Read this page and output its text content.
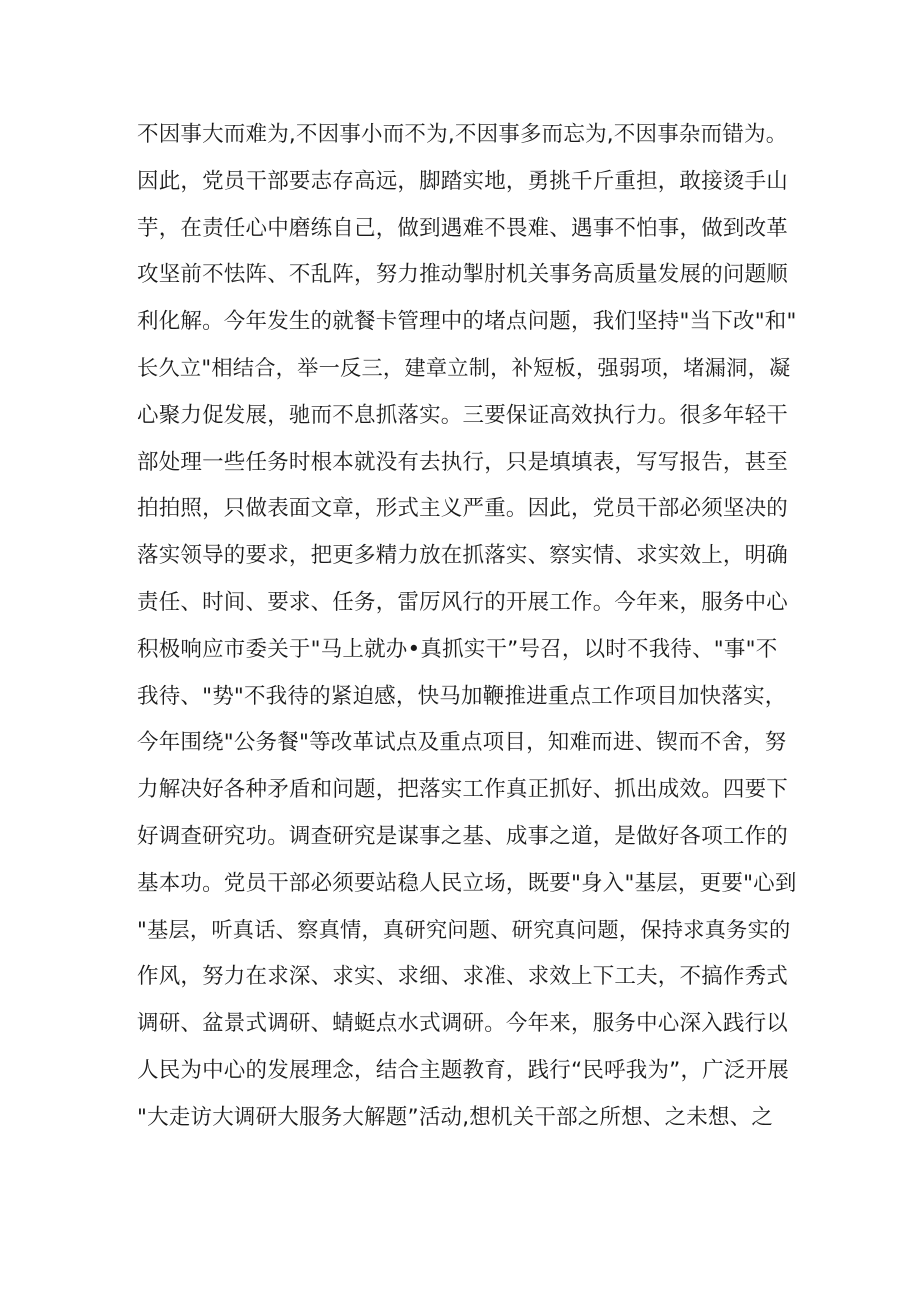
不因事大而难为,不因事小而不为,不因事多而忘为,不因事杂而错为。
因此，党员干部要志存高远，脚踏实地，勇挑千斤重担，敢接烫手山
芋，在责任心中磨练自己，做到遇难不畏难、遇事不怕事，做到改革
攻坚前不怯阵、不乱阵，努力推动掣肘机关事务高质量发展的问题顺
利化解。今年发生的就餐卡管理中的堵点问题，我们坚持"当下改"和"
长久立"相结合，举一反三，建章立制，补短板，强弱项，堵漏洞，凝
心聚力促发展，驰而不息抓落实。三要保证高效执行力。很多年轻干
部处理一些任务时根本就没有去执行，只是填填表，写写报告，甚至
拍拍照，只做表面文章，形式主义严重。因此，党员干部必须坚决的
落实领导的要求，把更多精力放在抓落实、察实情、求实效上，明确
责任、时间、要求、任务，雷厉风行的开展工作。今年来，服务中心
积极响应市委关于"马上就办•真抓实干”号召，以时不我待、"事"不
我待、"势"不我待的紧迫感，快马加鞭推进重点工作项目加快落实，
今年围绕"公务餐"等改革试点及重点项目，知难而进、锲而不舍，努
力解决好各种矛盾和问题，把落实工作真正抓好、抓出成效。四要下
好调查研究功。调查研究是谋事之基、成事之道，是做好各项工作的
基本功。党员干部必须要站稳人民立场，既要"身入"基层，更要"心到
"基层，听真话、察真情，真研究问题、研究真问题，保持求真务实的
作风，努力在求深、求实、求细、求准、求效上下工夫，不搞作秀式
调研、盆景式调研、蜻蜓点水式调研。今年来，服务中心深入践行以
人民为中心的发展理念，结合主题教育，践行“民呼我为”，广泛开展
"大走访大调研大服务大解题”活动,想机关干部之所想、之未想、之
